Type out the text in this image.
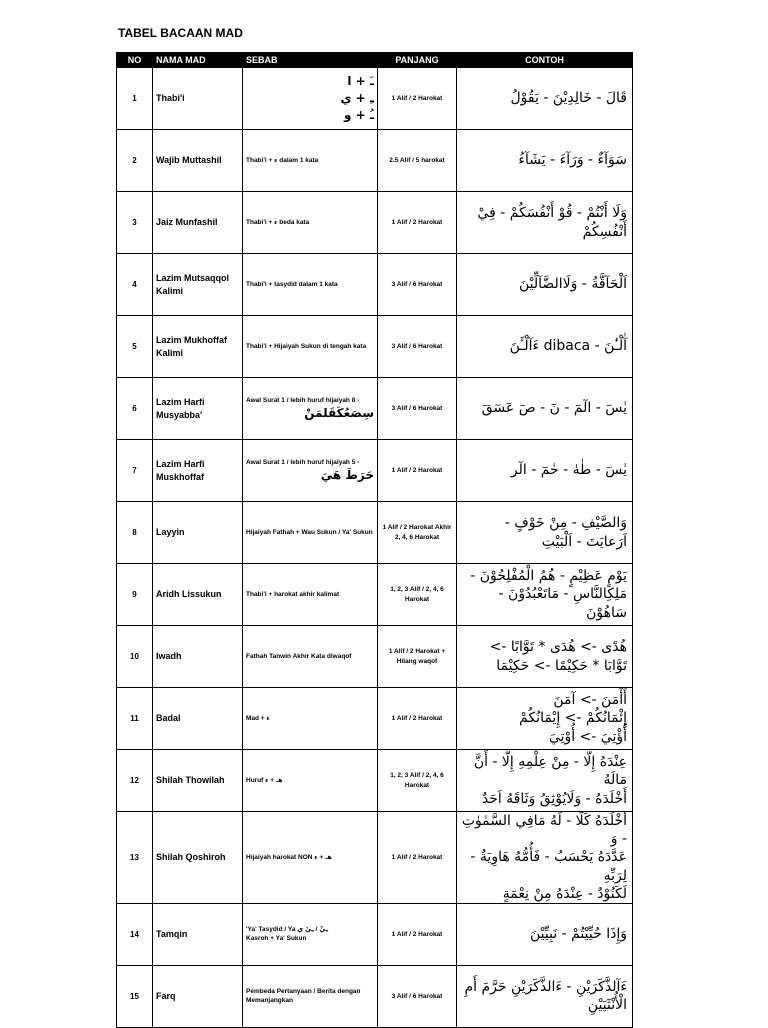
TABEL BACAAN MAD
NO	NAMA MAD	SEBAB	PANJANG	CONTOH
1	Thabi'i	ـَ + ا
ـِ + ي
ـُ + و	1 Alif / 2 Harokat	قَالَ - خَالِدِيْنَ - يَقُوْلُ

2	Wajib Muttashil	Thabi'i + ء dalam 1 kata	2.5 Alif / 5 harokat	سَوَآءٌ - وَرَآءَ - يَشَآءُ

3	Jaiz Munfashil	Thabi'i + ء beda kata	1 Alif / 2 Harokat	وَلَا أَنْتُمْ - قُوْ أَنْفُسَكُمْ - فِيْ
أَنْفُسِكُمْ

4	Lazim Mutsaqqol Kalimi	Thabi'i + tasydid dalam 1 kata	3 Alif / 6 Harokat	اَلْحَآقَّةُ - وَلَاالضَّآلِّيْنَ

5	Lazim Mukhoffaf Kalimi	Thabi'i + Hijaiyah Sukun di tengah kata	3 Alif / 6 Harokat	آٰلْـٰٔنَ - dibaca ءَآلْـَٔنَ

6	Lazim Harfi Musyabba'	Awal Surat 1 / lebih huruf hijaiyah 8 -
سِصَعُكَقَلمَنْ	3 Alif / 6 Harokat	يٰسٓ - الٓمٓ - نٓ - صٓ عٓسٓقٓ

7	Lazim Harfi Muskhoffaf	Awal Surat 1 / lebih huruf hijaiyah 5 -
حَرَطَ هَيَ	1 Alif / 2 Harokat	يٰسٓ - طٰهٰ - حٰمٓ - الٓر

8	Layyin	Hijaiyah Fathah + Wau Sukun / Ya' Sukun	1 Alif / 2 Harokat Akhir 2, 4, 6 Harokat	وَالصَّيْفِ - مِنْ خَوْفٍ -
اَرَعايَتَ - اَلْبَيْتِ

9	Aridh Lissukun	Thabi'i + harokat akhir kalimat	1, 2, 3 Alif / 2, 4, 6 Harokat	يَوْمٍ عَظِيْمٍ - هُمُ الْمُفْلِحُوْنَ -
مَلِكِالنَّاسِ - مَاتَعْبُدُوْنَ - سَاهُوْنَ

10	Iwadh	Fathah Tanwin Akhir Kata diwaqof	1 Alif / 2 Harokat + Hilang waqof	هُدًى -> هُدَى * تَوَّابًا ->
تَوَّابَا * حَكِيْمًا -> حَكِيْمَا

11	Badal	Mad + ء	1 Alif / 2 Harokat	أَأْمَنَ -> آمَنَ
إِئْمَانُكُمْ -> إِيْمَانُكُمْ
أُؤْتِيَ -> أُوْتِيَ

12	Shilah Thowilah	Huruf هـ + ء	1, 2, 3 Alif / 2, 4, 6 Harokat	عِنْدَهُ إِلَّا - مِنْ عِلْمِهِ إِلَّا - أَنَّ مَالَهُ
أَخْلَدَهُ - وَلَايُوْثِقُ وَثَاقَهُ اَحَدٌ

13	Shilah Qoshiroh	Hijaiyah harokat NON هـ + ء	1 Alif / 2 Harokat	أَخْلَدَهُ كَلَّا - لَهُ مَافِي السَّمٰوٰتِ - وَ
عَدَّدَهُ يَحْسَبُ - فَأُمُّهُ هَاوِيَةٌ - لِرَبِّهِ
لَكَنُوْدٌ - عِنْدَهُ مِنْ نِعْمَةٍ

14	Tamqin	'Ya' Tasydid / Ya ـِيِّ / ـِيْ ي
Kasroh + Ya' Sukun	1 Alif / 2 Harokat	وَإِذَا حُيِّيْتُمْ - نَبِيِّيْنَ

15	Farq	Pembeda Pertanyaan / Berita dengan Memanjangkan	3 Alif / 6 Harokat	ءَآلذَّكَرَيْنِ - ءَالذَّكَرَيْنِ حَرَّمَ أَمِ
الْأُنْثَيَيْنِ
